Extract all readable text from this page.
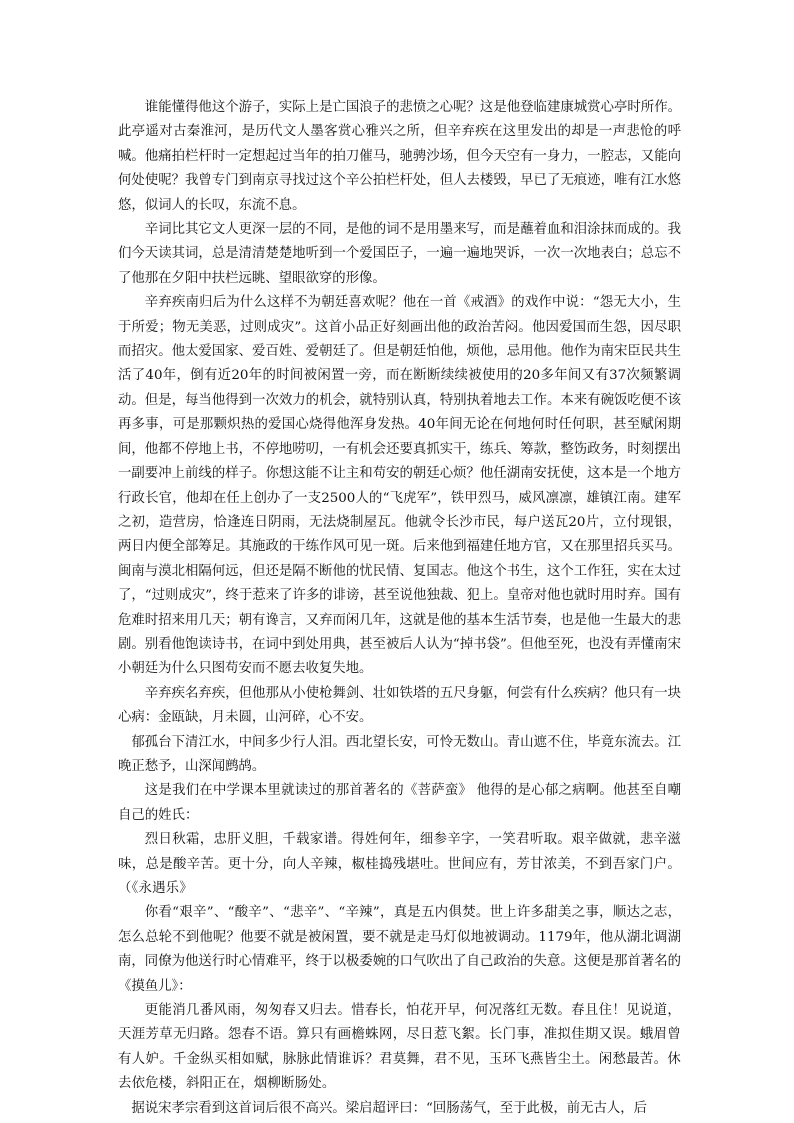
谁能懂得他这个游子，实际上是亡国浪子的悲愤之心呢？这是他登临建康城赏心亭时所作。此亭遥对古秦淮河，是历代文人墨客赏心雅兴之所，但辛弃疾在这里发出的却是一声悲怆的呼喊。他痛拍栏杆时一定想起过当年的拍刀催马，驰骋沙场，但今天空有一身力，一腔志，又能向何处使呢？我曾专门到南京寻找过这个辛公拍栏杆处，但人去楼毁，早已了无痕迹，唯有江水悠悠，似词人的长叹，东流不息。

辛词比其它文人更深一层的不同，是他的词不是用墨来写，而是蘸着血和泪涂抹而成的。我们今天读其词，总是清清楚楚地听到一个爱国臣子，一遍一遍地哭诉，一次一次地表白；总忘不了他那在夕阳中扶栏远眺、望眼欲穿的形像。

辛弃疾南归后为什么这样不为朝廷喜欢呢？他在一首《戒酒》的戏作中说：“怨无大小，生于所爱；物无美恶，过则成灾”。这首小品正好刻画出他的政治苦闷。他因爱国而生怨，因尽职而招灾。他太爱国家、爱百姓、爱朝廷了。但是朝廷怕他，烦他，忌用他。他作为南宋臣民共生活了40年，倒有近20年的时间被闲置一旁，而在断断续续被使用的20多年间又有37次频繁调动。但是，每当他得到一次效力的机会，就特别认真，特别执着地去工作。本来有碗饭吃便不该再多事，可是那颗炽热的爱国心烧得他浑身发热。40年间无论在何地何时任何职，甚至赋闲期间，他都不停地上书，不停地唠叨，一有机会还要真抓实干，练兵、筹款，整饬政务，时刻摆出一副要冲上前线的样子。你想这能不让主和苟安的朝廷心烦？他任湖南安抚使，这本是一个地方行政长官，他却在任上创办了一支2500人的“飞虎军”，铁甲烈马，威风凛凛，雄镇江南。建军之初，造营房，恰逢连日阴雨，无法烧制屋瓦。他就令长沙市民，每户送瓦20片，立付现银，两日内便全部筹足。其施政的干练作风可见一斑。后来他到福建任地方官，又在那里招兵买马。闽南与漠北相隔何远，但还是隔不断他的忧民情、复国志。他这个书生，这个工作狂，实在太过了，“过则成灾”，终于惹来了许多的诽谤，甚至说他独裁、犯上。皇帝对他也就时用时弃。国有危难时招来用几天；朝有谗言，又弃而闲几年，这就是他的基本生活节奏，也是他一生最大的悲剧。别看他饱读诗书，在词中到处用典，甚至被后人认为“掉书袋”。但他至死，也没有弄懂南宋小朝廷为什么只图苟安而不愿去收复失地。

辛弃疾名弃疾，但他那从小使枪舞剑、壮如铁塔的五尺身躯，何尝有什么疾病？他只有一块心病：金瓯缺，月未圆，山河碎，心不安。

郁孤台下清江水，中间多少行人泪。西北望长安，可怜无数山。青山遮不住，毕竟东流去。江晚正愁予，山深闻鹧鸪。

这是我们在中学课本里就读过的那首著名的《菩萨蛮》 他得的是心郁之病啊。他甚至自嘲自己的姓氏：

烈日秋霜，忠肝义胆，千载家谱。得姓何年，细参辛字，一笑君听取。艰辛做就，悲辛滋味，总是酸辛苦。更十分，向人辛辣，椒桂捣残堪吐。世间应有，芳甘浓美，不到吾家门户。 （《永遇乐》

你看“艰辛”、“酸辛”、“悲辛”、“辛辣”，真是五内俱焚。世上许多甜美之事，顺达之志，怎么总轮不到他呢？他要不就是被闲置，要不就是走马灯似地被调动。1179年，他从湖北调湖南，同僚为他送行时心情难平，终于以极委婉的口气吹出了自己政治的失意。这便是那首著名的《摸鱼儿》：

更能消几番风雨，匆匆春又归去。惜春长，怕花开早，何况落红无数。春且住！见说道，天涯芳草无归路。怨春不语。算只有画檐蛛网，尽日惹飞絮。长门事，准拟佳期又误。蛾眉曾有人妒。千金纵买相如赋，脉脉此情谁诉？君莫舞，君不见，玉环飞燕皆尘土。闲愁最苦。休去依危楼，斜阳正在，烟柳断肠处。

据说宋孝宗看到这首词后很不高兴。梁启超评曰：“回肠荡气，至于此极，前无古人，后
